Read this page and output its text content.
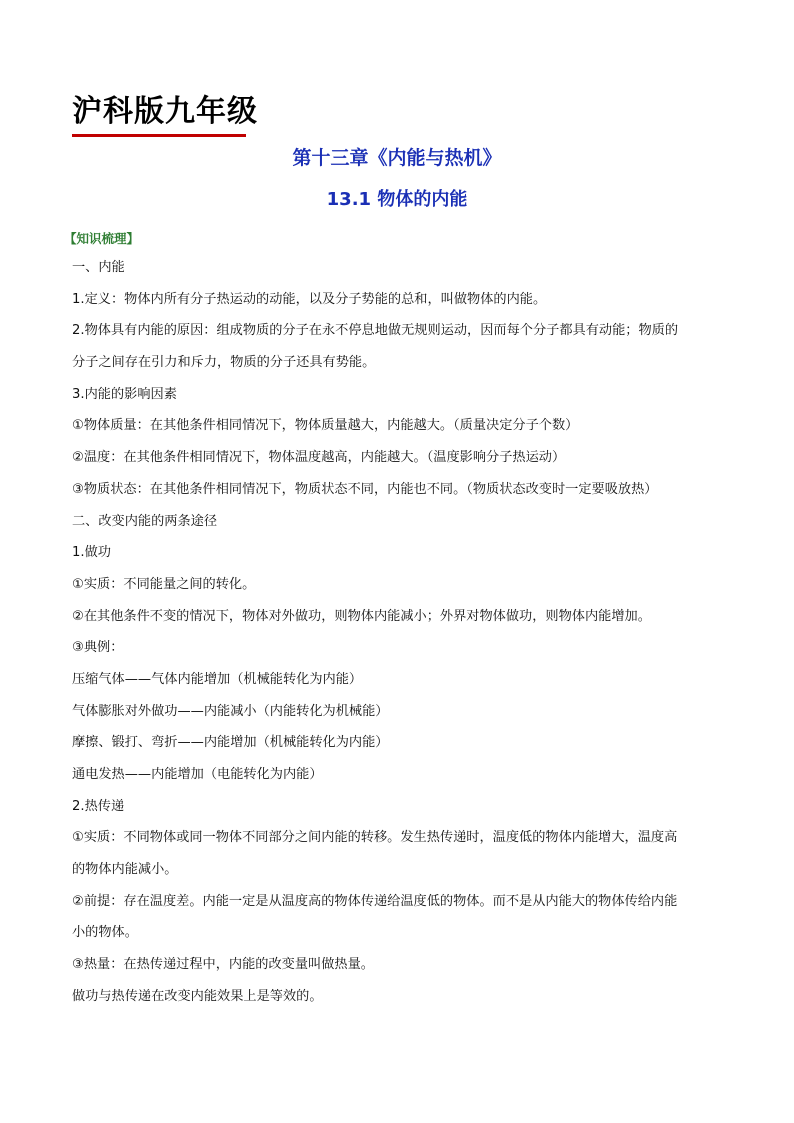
沪科版九年级
第十三章《内能与热机》
13.1 物体的内能
【知识梳理】
一、内能
1.定义：物体内所有分子热运动的动能，以及分子势能的总和，叫做物体的内能。
2.物体具有内能的原因：组成物质的分子在永不停息地做无规则运动，因而每个分子都具有动能；物质的
分子之间存在引力和斥力，物质的分子还具有势能。
3.内能的影响因素
①物体质量：在其他条件相同情况下，物体质量越大，内能越大。（质量决定分子个数）
②温度：在其他条件相同情况下，物体温度越高，内能越大。（温度影响分子热运动）
③物质状态：在其他条件相同情况下，物质状态不同，内能也不同。（物质状态改变时一定要吸放热）
二、改变内能的两条途径
1.做功
①实质：不同能量之间的转化。
②在其他条件不变的情况下，物体对外做功，则物体内能减小；外界对物体做功，则物体内能增加。
③典例：
压缩气体——气体内能增加（机械能转化为内能）
气体膨胀对外做功——内能减小（内能转化为机械能）
摩擦、锻打、弯折——内能增加（机械能转化为内能）
通电发热——内能增加（电能转化为内能）
2.热传递
①实质：不同物体或同一物体不同部分之间内能的转移。发生热传递时，温度低的物体内能增大，温度高
的物体内能减小。
②前提：存在温度差。内能一定是从温度高的物体传递给温度低的物体。而不是从内能大的物体传给内能
小的物体。
③热量：在热传递过程中，内能的改变量叫做热量。
做功与热传递在改变内能效果上是等效的。
